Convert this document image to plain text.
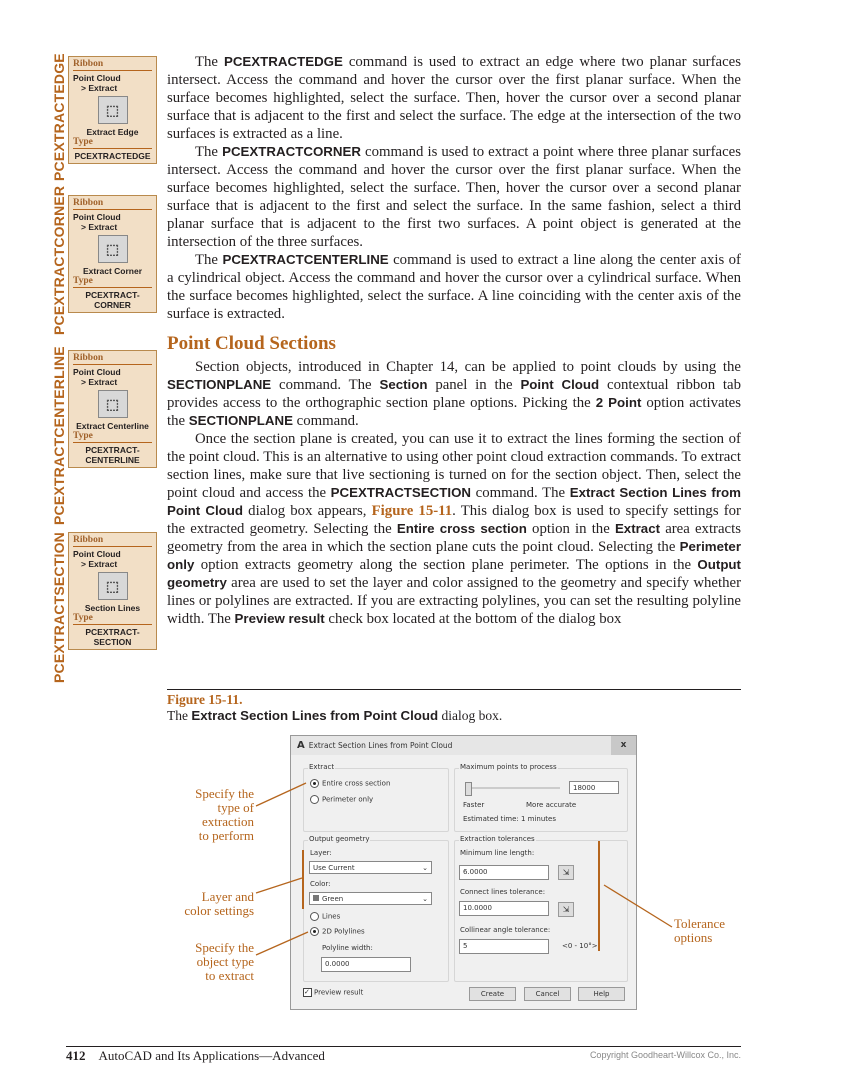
PCEXTRACTEDGE
PCEXTRACTCORNER
PCEXTRACTCENTERLINE
PCEXTRACTSECTION
Ribbon
Point Cloud
> Extract
⬚
Extract Edge
Type
PCEXTRACTEDGE
Ribbon
Point Cloud
> Extract
⬚
Extract Corner
Type
PCEXTRACT-
CORNER
Ribbon
Point Cloud
> Extract
⬚
Extract Centerline
Type
PCEXTRACT-
CENTERLINE
Ribbon
Point Cloud
> Extract
⬚
Section Lines
Type
PCEXTRACT-
SECTION

The PCEXTRACTEDGE command is used to extract an edge where two planar surfaces intersect. Access the command and hover the cursor over the first planar surface. When the surface becomes highlighted, select the surface. Then, hover the cursor over a second planar surface that is adjacent to the first and select the surface. The edge at the intersection of the two surfaces is extracted as a line.

The PCEXTRACTCORNER command is used to extract a point where three planar surfaces intersect. Access the command and hover the cursor over the first planar surface. When the surface becomes highlighted, select the surface. Then, hover the cursor over a second planar surface that is adjacent to the first and select the surface. In the same fashion, select a third planar surface that is adjacent to the first two surfaces. A point object is generated at the intersection of the three surfaces.

The PCEXTRACTCENTERLINE command is used to extract a line along the center axis of a cylindrical object. Access the command and hover the cursor over a cylindrical surface. When the surface becomes highlighted, select the surface. A line coinciding with the center axis of the surface is extracted.

Point Cloud Sections

Section objects, introduced in Chapter 14, can be applied to point clouds by using the SECTIONPLANE command. The Section panel in the Point Cloud contextual ribbon tab provides access to the orthographic section plane options. Picking the 2 Point option activates the SECTIONPLANE command.

Once the section plane is created, you can use it to extract the lines forming the section of the point cloud. This is an alternative to using other point cloud extraction commands. To extract section lines, make sure that live sectioning is turned on for the section object. Then, select the point cloud and access the PCEXTRACTSECTION command. The Extract Section Lines from Point Cloud dialog box appears, Figure 15-11. This dialog box is used to specify settings for the extracted geometry. Selecting the Entire cross section option in the Extract area extracts geometry from the area in which the section plane cuts the point cloud. Selecting the Perimeter only option extracts geometry along the section plane perimeter. The options in the Output geometry area are used to set the layer and color assigned to the geometry and specify whether lines or polylines are extracted. If you are extracting polylines, you can set the resulting polyline width. The Preview result check box located at the bottom of the dialog box

Figure 15-11.
The Extract Section Lines from Point Cloud dialog box.
Specify the
type of
extraction
to perform
Layer and
color settings
Specify the
object type
to extract
Tolerance
options
A Extract Section Lines from Point Cloud	x
Extract
Entire cross section
Perimeter only
Maximum points to process
18000
Faster	More accurate
Estimated time: 1 minutes
Output geometry
Layer:
Use Current	⌄
Color:
Green	⌄
Lines
2D Polylines
Polyline width:
0.0000
Extraction tolerances
Minimum line length:
6.0000	⇲
Connect lines tolerance:
10.0000	⇲
Collinear angle tolerance:
5	<0 - 10°>
✓ Preview result	Create	Cancel	Help
412 AutoCAD and Its Applications—Advanced	Copyright Goodheart-Willcox Co., Inc.
